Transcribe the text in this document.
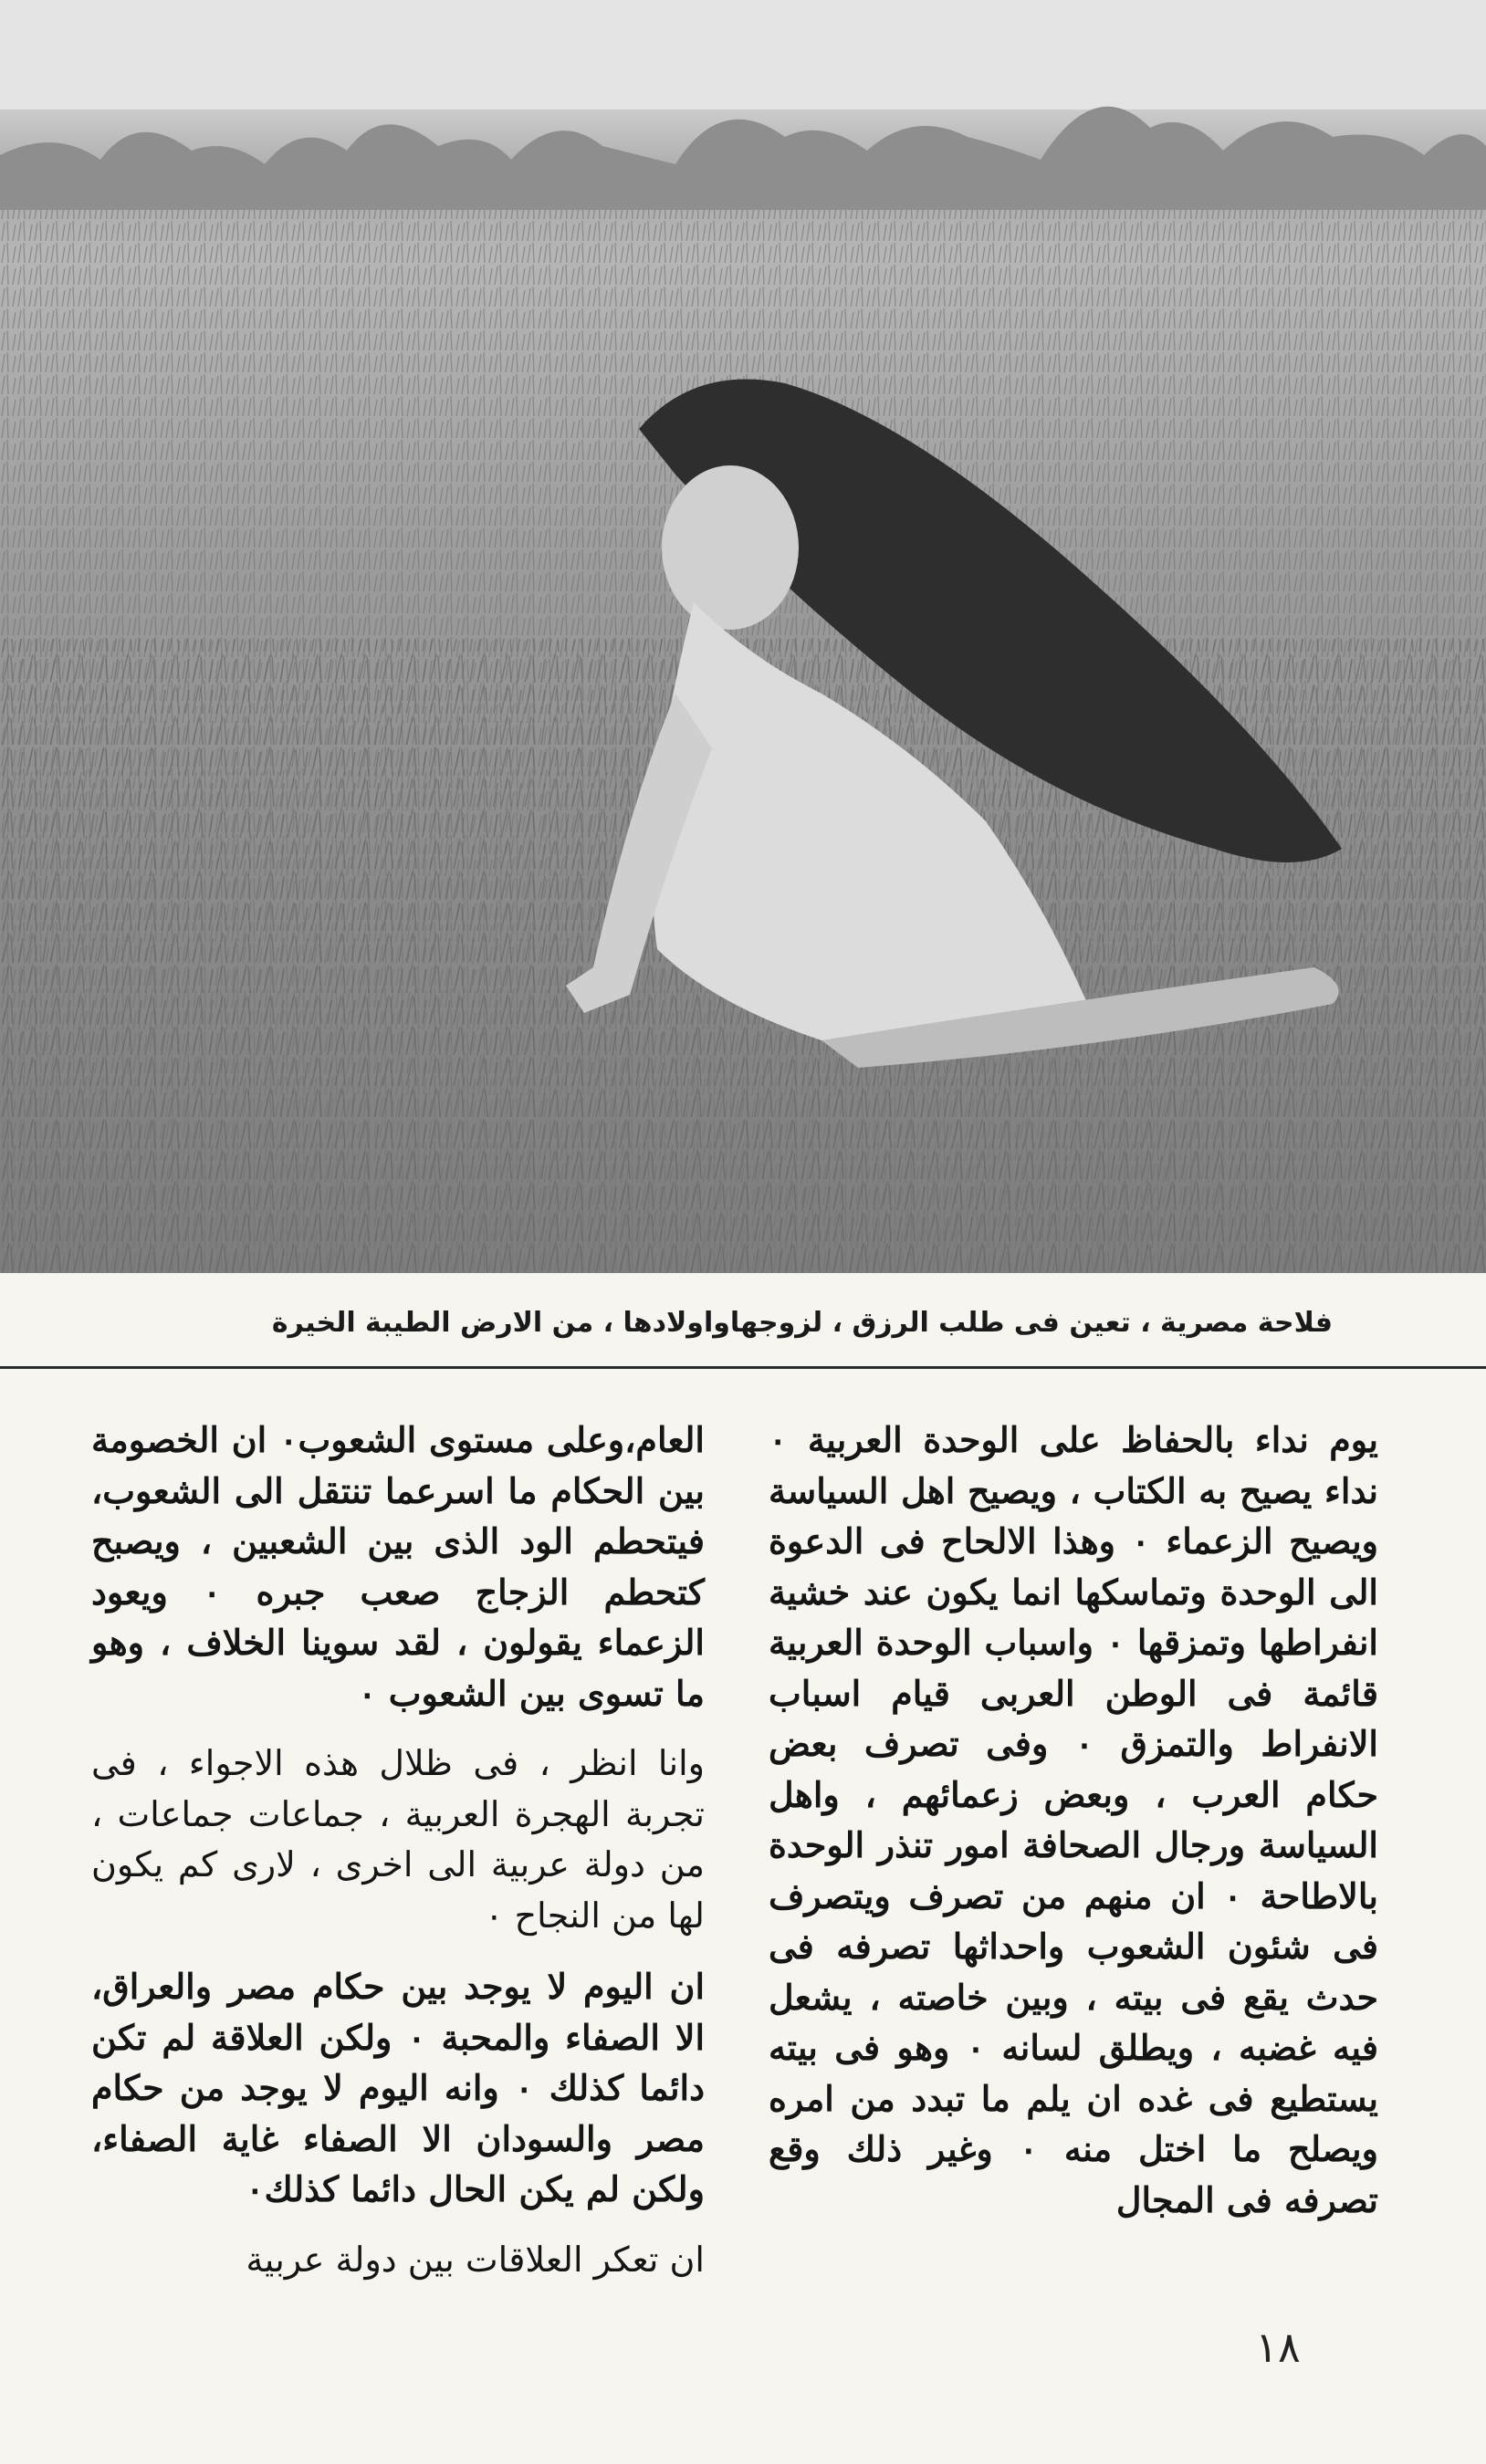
فلاحة مصرية ، تعين فى طلب الرزق ، لزوجهاواولادها ، من الارض الطيبة الخيرة

يوم نداء بالحفاظ على الوحدة العربية ٠ نداء يصيح به الكتاب ، ويصيح اهل السياسة ويصيح الزعماء ٠ وهذا الالحاح فى الدعوة الى الوحدة وتماسكها انما يكون عند خشية انفراطها وتمزقها ٠ واسباب الوحدة العربية قائمة فى الوطن العربى قيام اسباب الانفراط والتمزق ٠ وفى تصرف بعض حكام العرب ، وبعض زعمائهم ، واهل السياسة ورجال الصحافة امور تنذر الوحدة بالاطاحة ٠ ان منهم من تصرف ويتصرف فى شئون الشعوب واحداثها تصرفه فى حدث يقع فى بيته ، وبين خاصته ، يشعل فيه غضبه ، ويطلق لسانه ٠ وهو فى بيته يستطيع فى غده ان يلم ما تبدد من امره ويصلح ما اختل منه ٠ وغير ذلك وقع تصرفه فى المجال

العام،وعلى مستوى الشعوب٠ ان الخصومة بين الحكام ما اسرعما تنتقل الى الشعوب، فيتحطم الود الذى بين الشعبين ، ويصبح كتحطم الزجاج صعب جبره ٠ ويعود الزعماء يقولون ، لقد سوينا الخلاف ، وهو ما تسوى بين الشعوب ٠

وانا انظر ، فى ظلال هذه الاجواء ، فى تجربة الهجرة العربية ، جماعات جماعات ، من دولة عربية الى اخرى ، لارى كم يكون لها من النجاح ٠

ان اليوم لا يوجد بين حكام مصر والعراق، الا الصفاء والمحبة ٠ ولكن العلاقة لم تكن دائما كذلك ٠ وانه اليوم لا يوجد من حكام مصر والسودان الا الصفاء غاية الصفاء، ولكن لم يكن الحال دائما كذلك٠

ان تعكر العلاقات بين دولة عربية

١٨
